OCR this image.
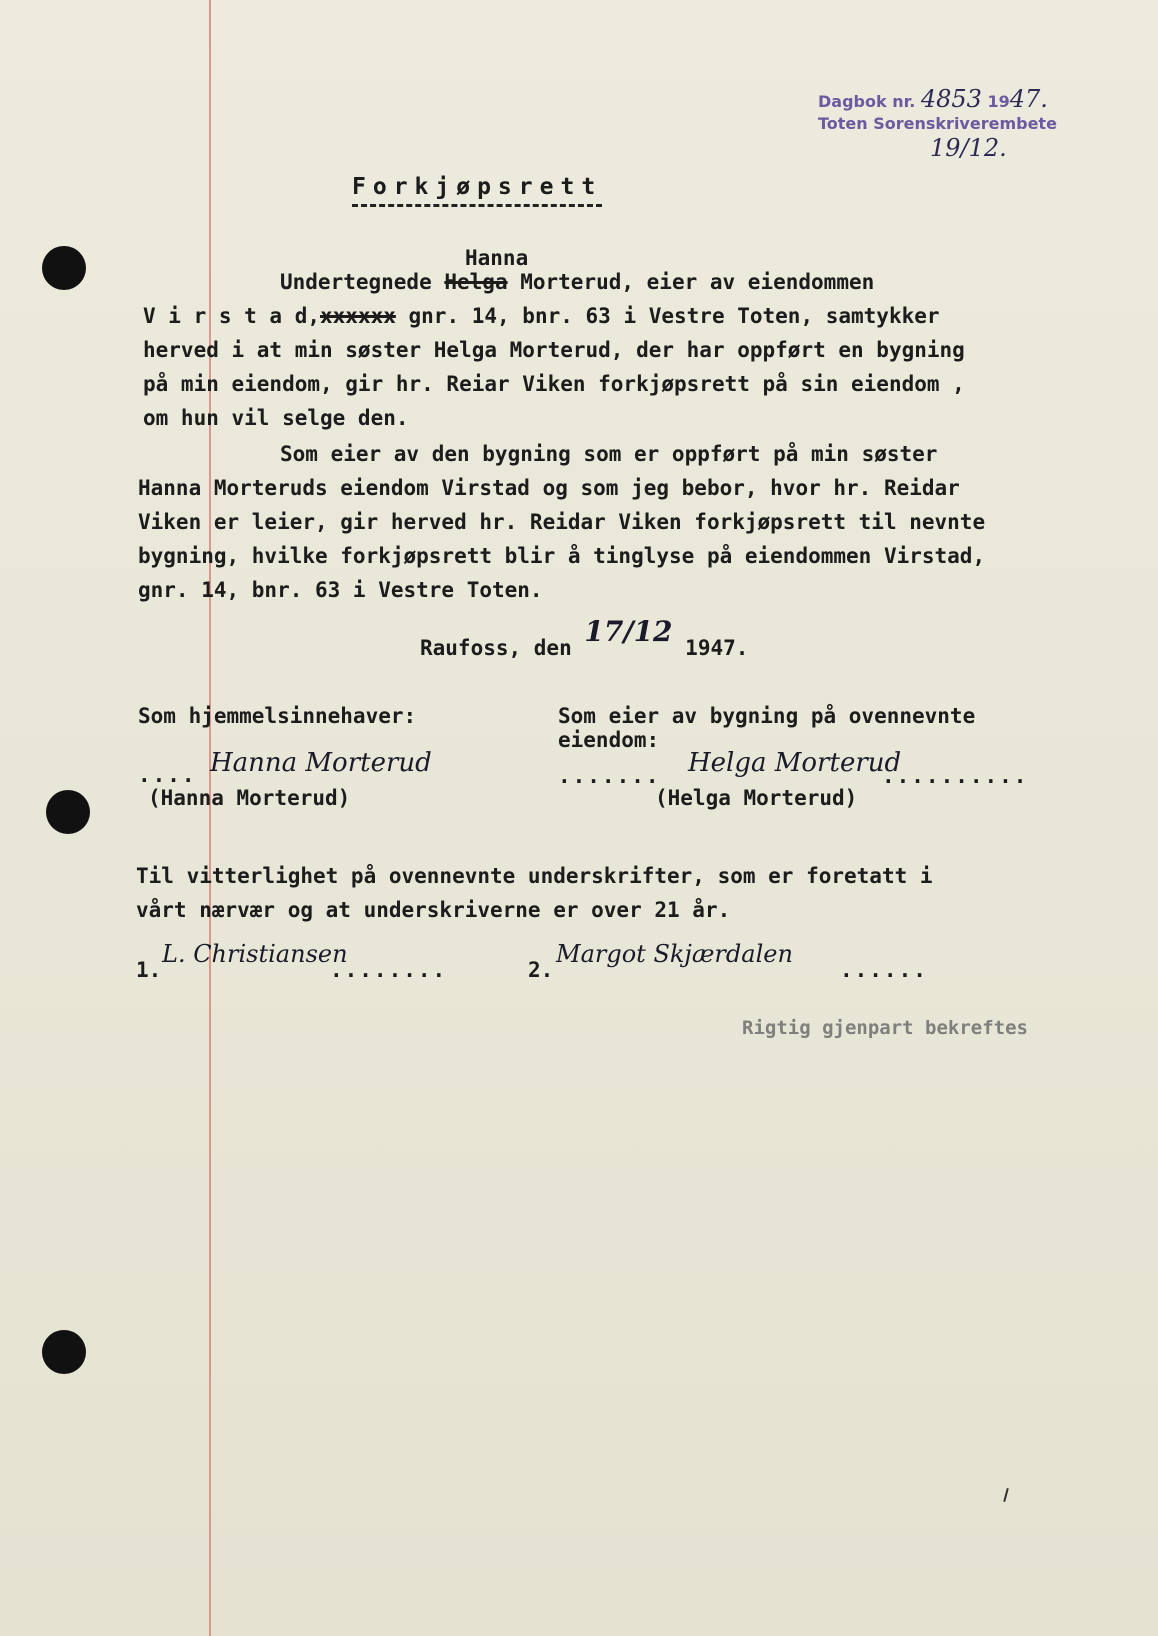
Dagbok nr. 4853 1947.
Toten Sorenskriverembete
19/12.
Forkjøpsrett
Hanna
Undertegnede Helga Morterud, eier av eiendommen
V i r s t a d,xxxxxx gnr. 14, bnr. 63 i Vestre Toten, samtykker
herved i at min søster Helga Morterud, der har oppført en bygning
på min eiendom, gir hr. Reiar Viken forkjøpsrett på sin eiendom ,
om hun vil selge den.
Som eier av den bygning som er oppført på min søster
Hanna Morteruds eiendom Virstad og som jeg bebor, hvor hr. Reidar
Viken er leier, gir herved hr. Reidar Viken forkjøpsrett til nevnte
bygning, hvilke forkjøpsrett blir å tinglyse på eiendommen Virstad,
gnr. 14, bnr. 63 i Vestre Toten.
Raufoss, den 17/12 1947.
Som hjemmelsinnehaver:
.... Hanna Morterud
(Hanna Morterud)
Som eier av bygning på ovennevnte
eiendom:
....... Helga Morterud
..........
(Helga Morterud)
Til vitterlighet på ovennevnte underskrifter, som er foretatt i
vårt nærvær og at underskriverne er over 21 år.
1.
L. Christiansen
........	2.
Margot Skjærdalen
......
Rigtig gjenpart bekreftes
